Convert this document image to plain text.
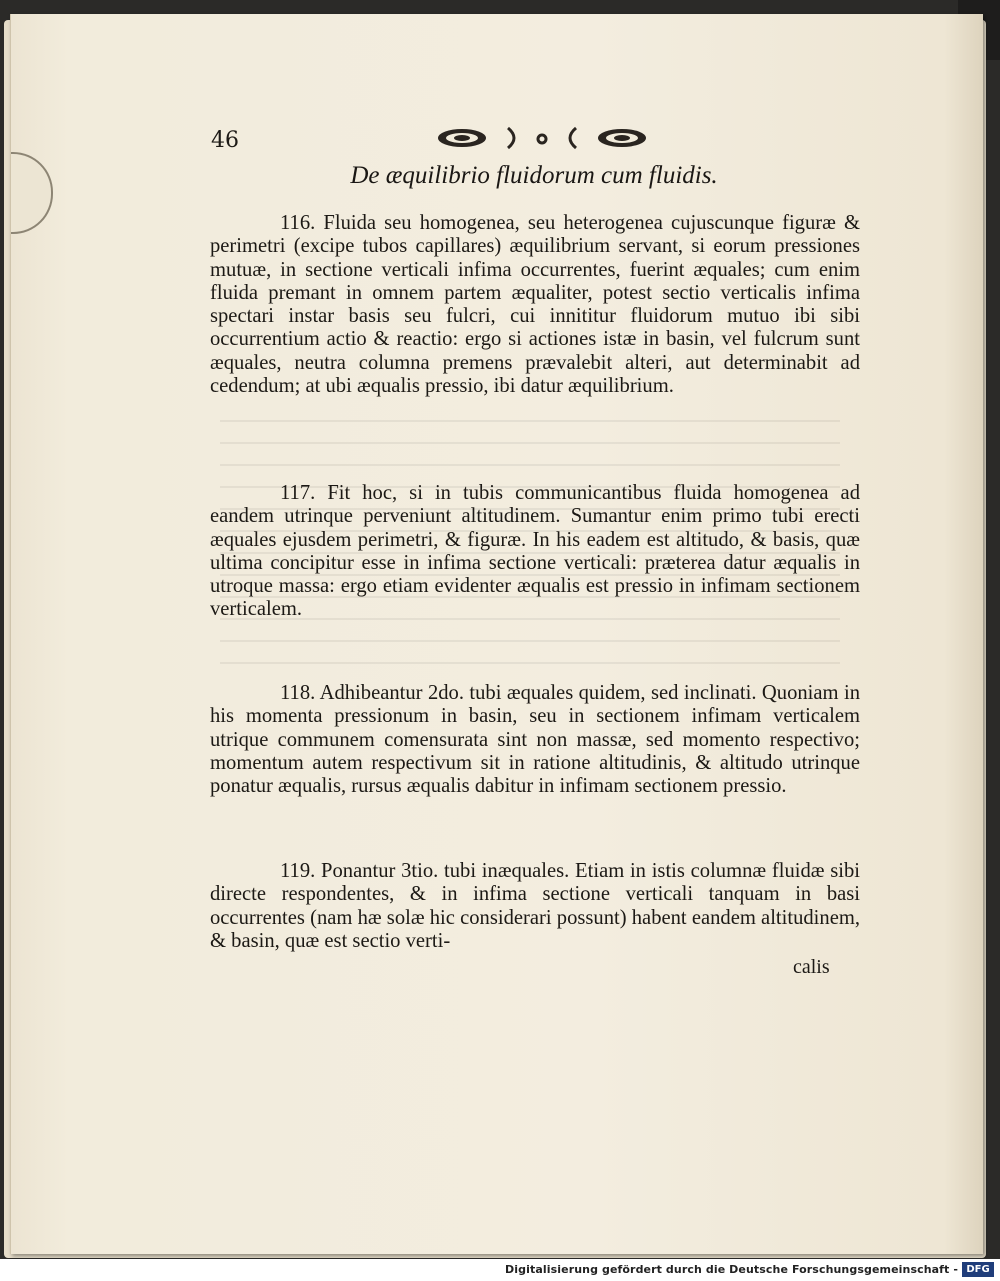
46
De æquilibrio fluidorum cum fluidis.
116. Fluida seu homogenea, seu heterogenea cujuscunque figuræ & perimetri (excipe tubos capillares) æquilibrium servant, si eorum pressiones mutuæ, in sectione verticali infima occurrentes, fuerint æquales; cum enim fluida premant in omnem partem æqualiter, potest sectio verticalis infima spectari instar basis seu fulcri, cui innititur fluidorum mutuo ibi sibi occurrentium actio & reactio: ergo si actiones istæ in basin, vel fulcrum sunt æquales, neutra columna premens prævalebit alteri, aut determinabit ad cedendum; at ubi æqualis pressio, ibi datur æquilibrium.
117. Fit hoc, si in tubis communicantibus fluida homogenea ad eandem utrinque perveniunt altitudinem. Sumantur enim primo tubi erecti æquales ejusdem perimetri, & figuræ. In his eadem est altitudo, & basis, quæ ultima concipitur esse in infima sectione verticali: præterea datur æqualis in utroque massa: ergo etiam evidenter æqualis est pressio in infimam sectionem verticalem.
118. Adhibeantur 2do. tubi æquales quidem, sed inclinati. Quoniam in his momenta pressionum in basin, seu in sectionem infimam verticalem utrique communem comensurata sint non massæ, sed momento respectivo; momentum autem respectivum sit in ratione altitudinis, & altitudo utrinque ponatur æqualis, rursus æqualis dabitur in infimam sectionem pressio.
119. Ponantur 3tio. tubi inæquales. Etiam in istis columnæ fluidæ sibi directe respondentes, & in infima sectione verticali tanquam in basi occurrentes (nam hæ solæ hic considerari possunt) habent eandem altitudinem, & basin, quæ est sectio verti-
calis
Digitalisierung gefördert durch die Deutsche Forschungsgemeinschaft - DFG
